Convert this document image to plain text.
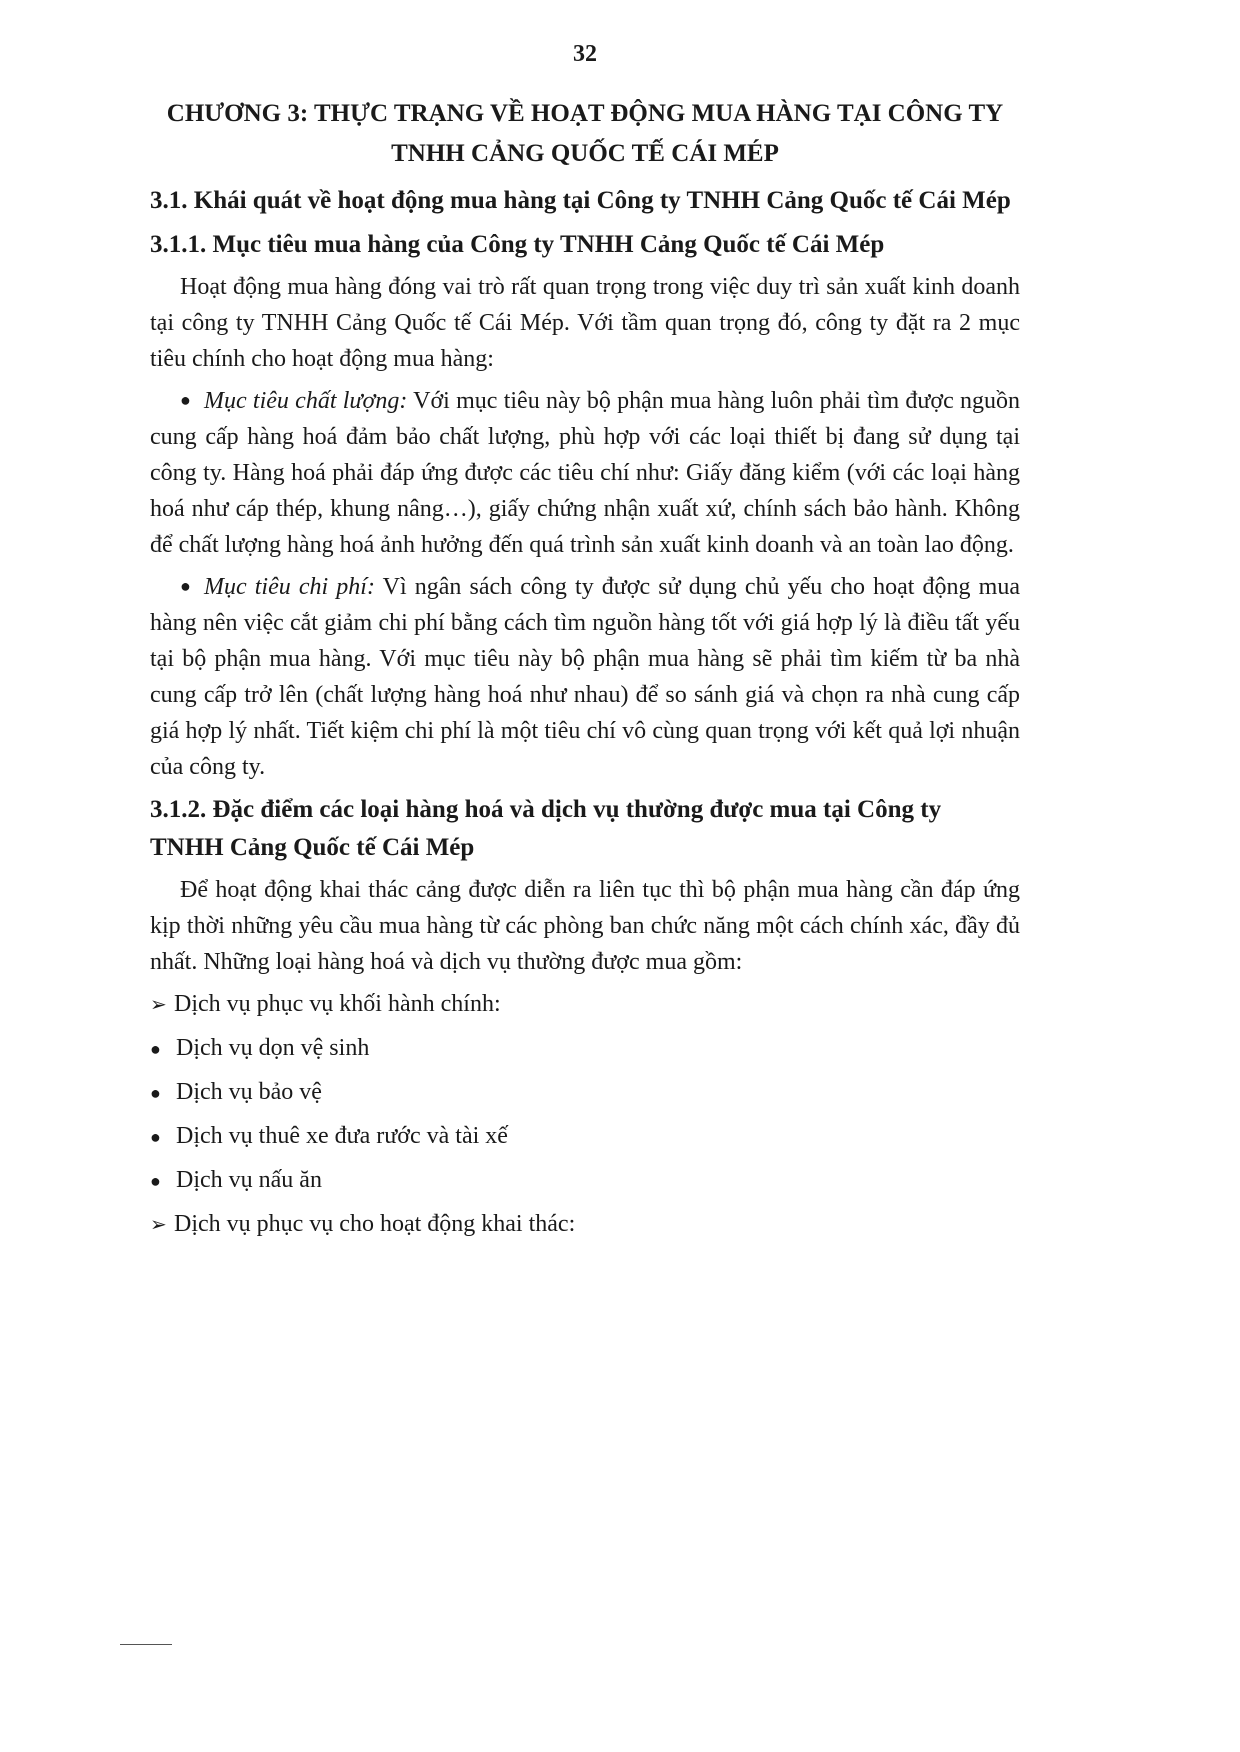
32
CHƯƠNG 3: THỰC TRẠNG VỀ HOẠT ĐỘNG MUA HÀNG TẠI CÔNG TY
TNHH CẢNG QUỐC TẾ CÁI MÉP
3.1. Khái quát về hoạt động mua hàng tại Công ty TNHH Cảng Quốc tế Cái Mép
3.1.1. Mục tiêu mua hàng của Công ty TNHH Cảng Quốc tế Cái Mép

Hoạt động mua hàng đóng vai trò rất quan trọng trong việc duy trì sản xuất kinh doanh tại công ty TNHH Cảng Quốc tế Cái Mép. Với tầm quan trọng đó, công ty đặt ra 2 mục tiêu chính cho hoạt động mua hàng:

● Mục tiêu chất lượng: Với mục tiêu này bộ phận mua hàng luôn phải tìm được nguồn cung cấp hàng hoá đảm bảo chất lượng, phù hợp với các loại thiết bị đang sử dụng tại công ty. Hàng hoá phải đáp ứng được các tiêu chí như: Giấy đăng kiểm (với các loại hàng hoá như cáp thép, khung nâng…), giấy chứng nhận xuất xứ, chính sách bảo hành. Không để chất lượng hàng hoá ảnh hưởng đến quá trình sản xuất kinh doanh và an toàn lao động.

● Mục tiêu chi phí: Vì ngân sách công ty được sử dụng chủ yếu cho hoạt động mua hàng nên việc cắt giảm chi phí bằng cách tìm nguồn hàng tốt với giá hợp lý là điều tất yếu tại bộ phận mua hàng. Với mục tiêu này bộ phận mua hàng sẽ phải tìm kiếm từ ba nhà cung cấp trở lên (chất lượng hàng hoá như nhau) để so sánh giá và chọn ra nhà cung cấp giá hợp lý nhất. Tiết kiệm chi phí là một tiêu chí vô cùng quan trọng với kết quả lợi nhuận của công ty.

3.1.2. Đặc điểm các loại hàng hoá và dịch vụ thường được mua tại Công ty TNHH Cảng Quốc tế Cái Mép

Để hoạt động khai thác cảng được diễn ra liên tục thì bộ phận mua hàng cần đáp ứng kịp thời những yêu cầu mua hàng từ các phòng ban chức năng một cách chính xác, đầy đủ nhất. Những loại hàng hoá và dịch vụ thường được mua gồm:

➢ Dịch vụ phục vụ khối hành chính:
● Dịch vụ dọn vệ sinh
● Dịch vụ bảo vệ
● Dịch vụ thuê xe đưa rước và tài xế
● Dịch vụ nấu ăn
➢ Dịch vụ phục vụ cho hoạt động khai thác:
